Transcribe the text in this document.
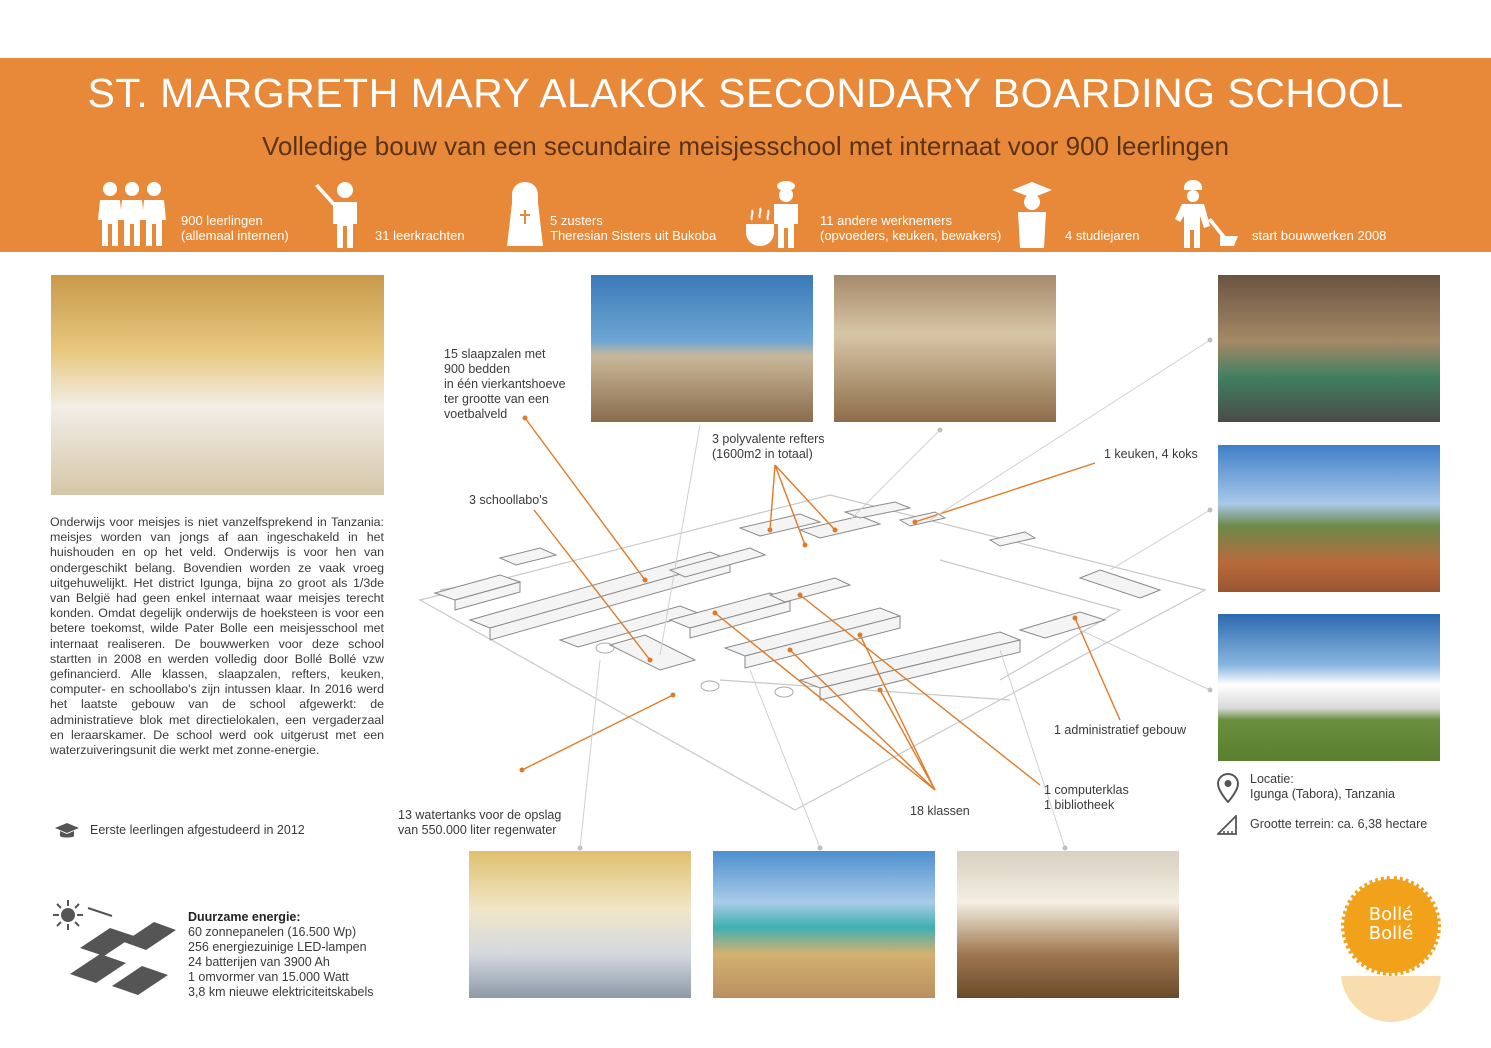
ST. MARGRETH MARY ALAKOK SECONDARY BOARDING SCHOOL
Volledige bouw van een secundaire meisjesschool met internaat voor 900 leerlingen
900 leerlingen
(allemaal internen)	31 leerkrachten
5 zusters
Theresian Sisters uit Bukoba
11 andere werknemers
(opvoeders, keuken, bewakers)	4 studiejaren	start bouwwerken 2008
15 slaapzalen met
900 bedden
in één vierkantshoeve
ter grootte van een
voetbalveld
3 polyvalente refters
(1600m2 in totaal)
3 schoollabo's
1 keuken, 4 koks
1 administratief gebouw
13 watertanks voor de opslag
van 550.000 liter regenwater
18 klassen
1 computerklas
1 bibliotheek

Onderwijs voor meisjes is niet vanzelfsprekend in Tanzania: meisjes worden van jongs af aan ingeschakeld in het huishouden en op het veld. Onderwijs is voor hen van ondergeschikt belang. Bovendien worden ze vaak vroeg uitgehuwelijkt. Het district Igunga, bijna zo groot als 1/3de van België had geen enkel internaat waar meisjes terecht konden. Omdat degelijk onderwijs de hoeksteen is voor een betere toekomst, wilde Pater Bolle een meisjesschool met internaat realiseren. De bouwwerken voor deze school startten in 2008 en werden volledig door Bollé Bollé vzw gefinancierd. Alle klassen, slaapzalen, refters, keuken, computer- en schoollabo's zijn intussen klaar. In 2016 werd het laatste gebouw van de school afgewerkt: de administratieve blok met directielokalen, een vergaderzaal en leraarskamer. De school werd ook uitgerust met een waterzuiveringsunit die werkt met zonne-energie.

Eerste leerlingen afgestudeerd in 2012
Duurzame energie:
60 zonnepanelen (16.500 Wp)
256 energiezuinige LED-lampen
24 batterijen van 3900 Ah
1 omvormer van 15.000 Watt
3,8 km nieuwe elektriciteitskabels
Locatie:
Igunga (Tabora), Tanzania
Grootte terrein: ca. 6,38 hectare
Bollé
Bollé
